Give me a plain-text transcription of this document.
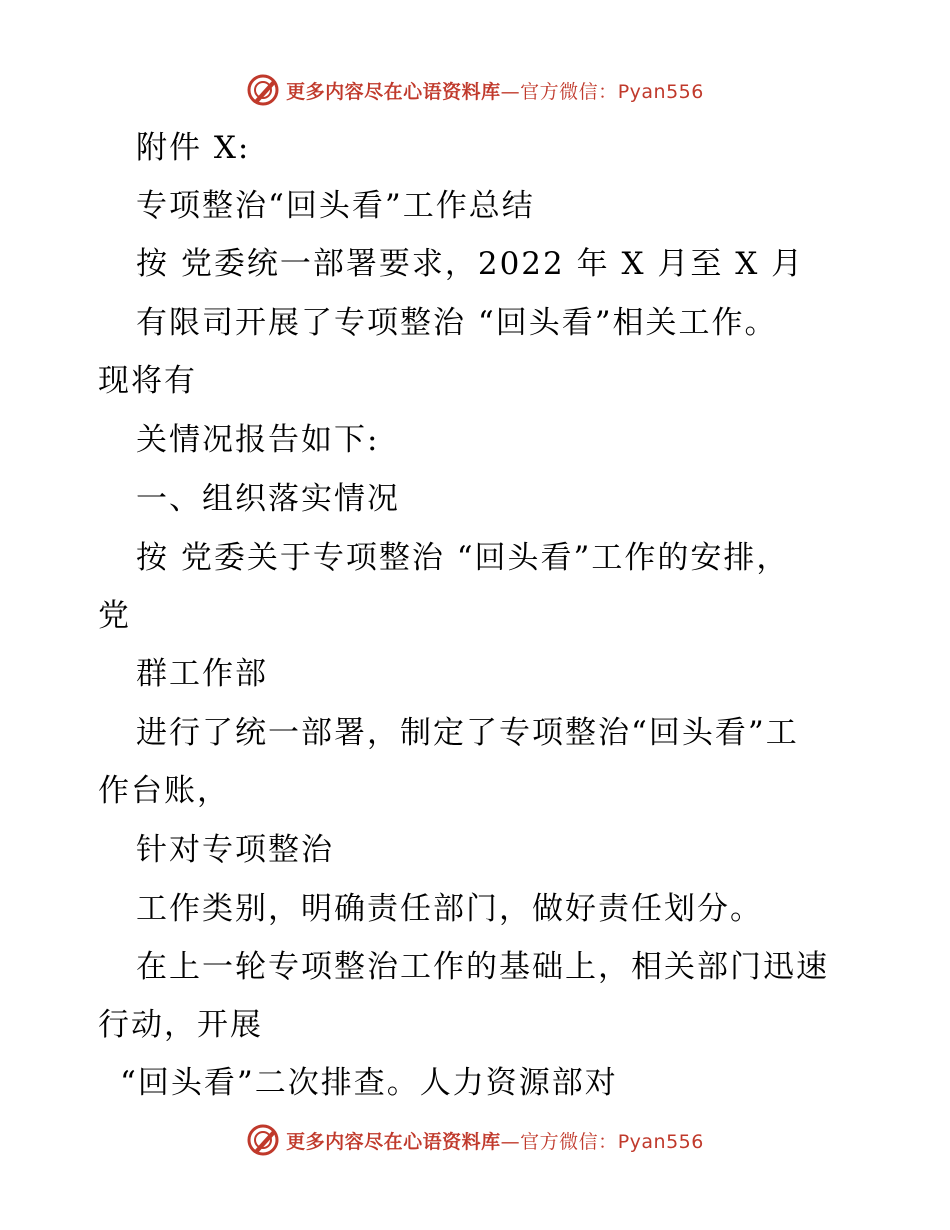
更多内容尽在心语资料库—官方微信：Pyan556
附件 X:
专项整治“回头看”工作总结
按 党委统一部署要求，2022 年 X 月至 X 月
有限司开展了专项整治 “回头看”相关工作。
现将有
关情况报告如下:
一、组织落实情况
按 党委关于专项整治 “回头看”工作的安排，
党
群工作部
进行了统一部署，制定了专项整治“回头看”工
作台账，
针对专项整治
工作类别，明确责任部门，做好责任划分。
在上一轮专项整治工作的基础上，相关部门迅速
行动，开展
“回头看”二次排查。人力资源部对
更多内容尽在心语资料库—官方微信：Pyan556
